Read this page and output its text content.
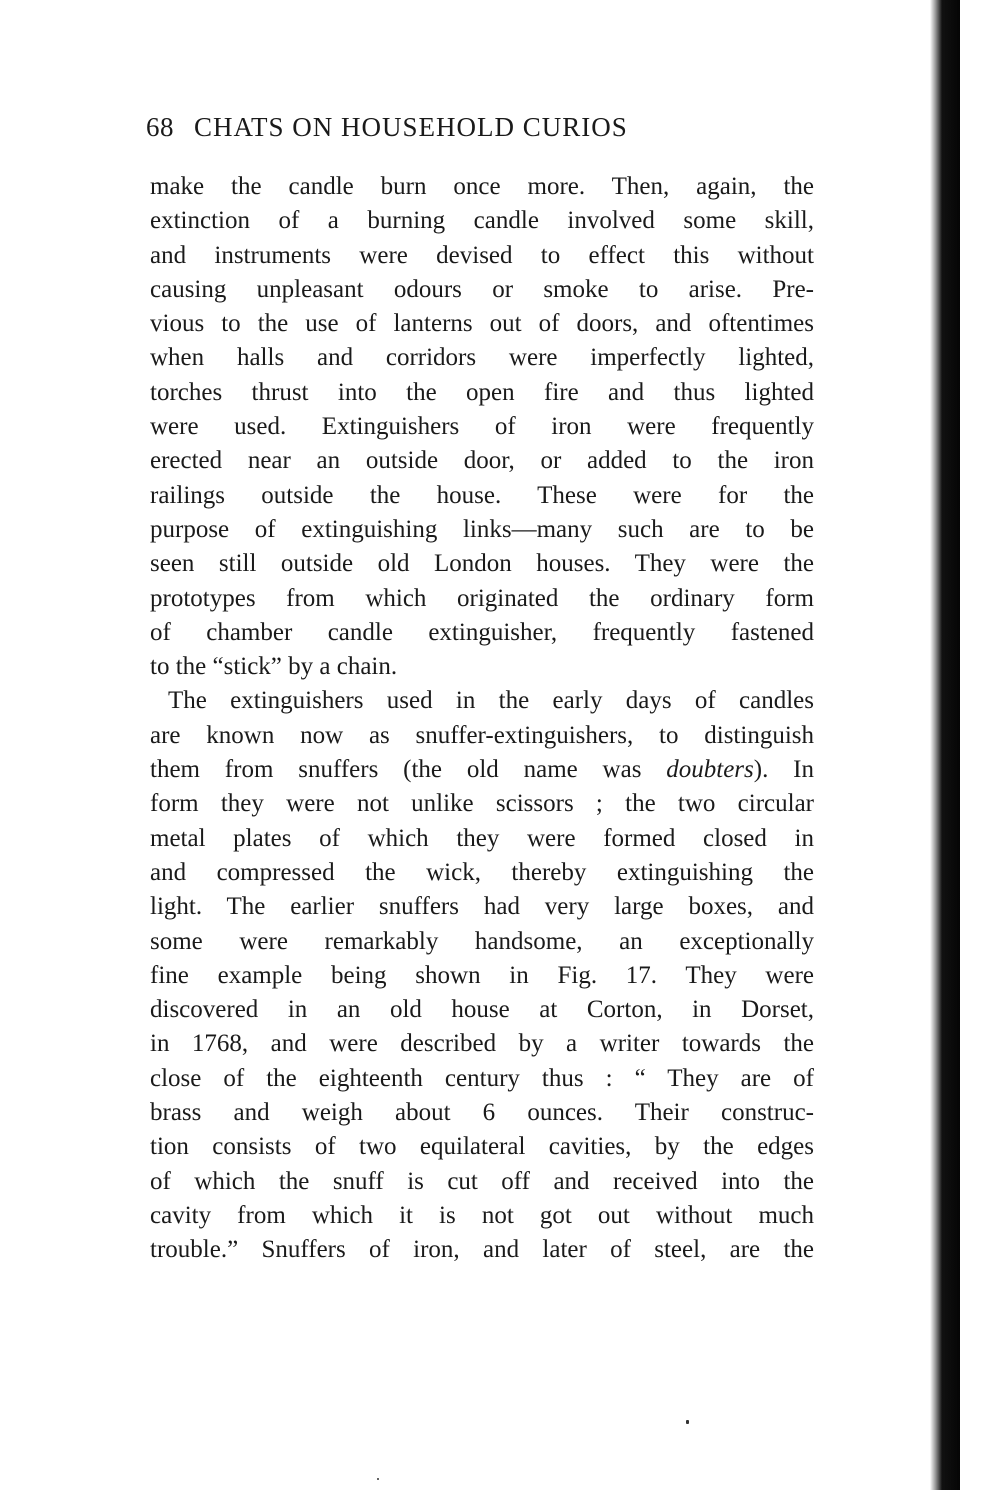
68 CHATS ON HOUSEHOLD CURIOS
make the candle burn once more. Then, again, the
extinction of a burning candle involved some skill,
and instruments were devised to effect this without
causing unpleasant odours or smoke to arise. Pre-
vious to the use of lanterns out of doors, and oftentimes
when halls and corridors were imperfectly lighted,
torches thrust into the open fire and thus lighted
were used. Extinguishers of iron were frequently
erected near an outside door, or added to the iron
railings outside the house. These were for the
purpose of extinguishing links—many such are to be
seen still outside old London houses. They were the
prototypes from which originated the ordinary form
of chamber candle extinguisher, frequently fastened
to the “stick” by a chain.
The extinguishers used in the early days of candles
are known now as snuffer-extinguishers, to distinguish
them from snuffers (the old name was doubters). In
form they were not unlike scissors ; the two circular
metal plates of which they were formed closed in
and compressed the wick, thereby extinguishing the
light. The earlier snuffers had very large boxes, and
some were remarkably handsome, an exceptionally
fine example being shown in Fig. 17. They were
discovered in an old house at Corton, in Dorset,
in 1768, and were described by a writer towards the
close of the eighteenth century thus : “ They are of
brass and weigh about 6 ounces. Their construc-
tion consists of two equilateral cavities, by the edges
of which the snuff is cut off and received into the
cavity from which it is not got out without much
trouble.” Snuffers of iron, and later of steel, are the
